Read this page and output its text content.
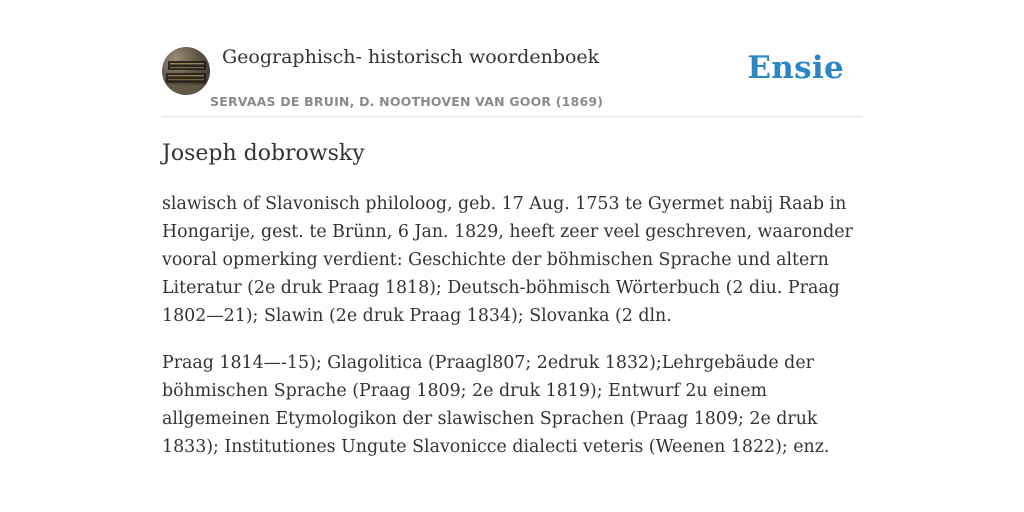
Geographisch- historisch woordenboek
SERVAAS DE BRUIN, D. NOOTHOVEN VAN GOOR (1869)
Ensie
Joseph dobrowsky

slawisch of Slavonisch philoloog, geb. 17 Aug. 1753 te Gyermet nabij Raab in Hongarije, gest. te Brünn, 6 Jan. 1829, heeft zeer veel geschreven, waaronder vooral opmerking verdient: Geschichte der böhmischen Sprache und altern Literatur (2e druk Praag 1818); Deutsch-böhmisch Wörterbuch (2 diu. Praag 1802—21); Slawin (2e druk Praag 1834); Slovanka (2 dln.

Praag 1814—-15); Glagolitica (Praagl807; 2edruk 1832);Lehrgebäude der böhmischen Sprache (Praag 1809; 2e druk 1819); Entwurf 2u einem allgemeinen Etymologikon der slawischen Sprachen (Praag 1809; 2e druk 1833); Institutiones Ungute Slavonicce dialecti veteris (Weenen 1822); enz.
